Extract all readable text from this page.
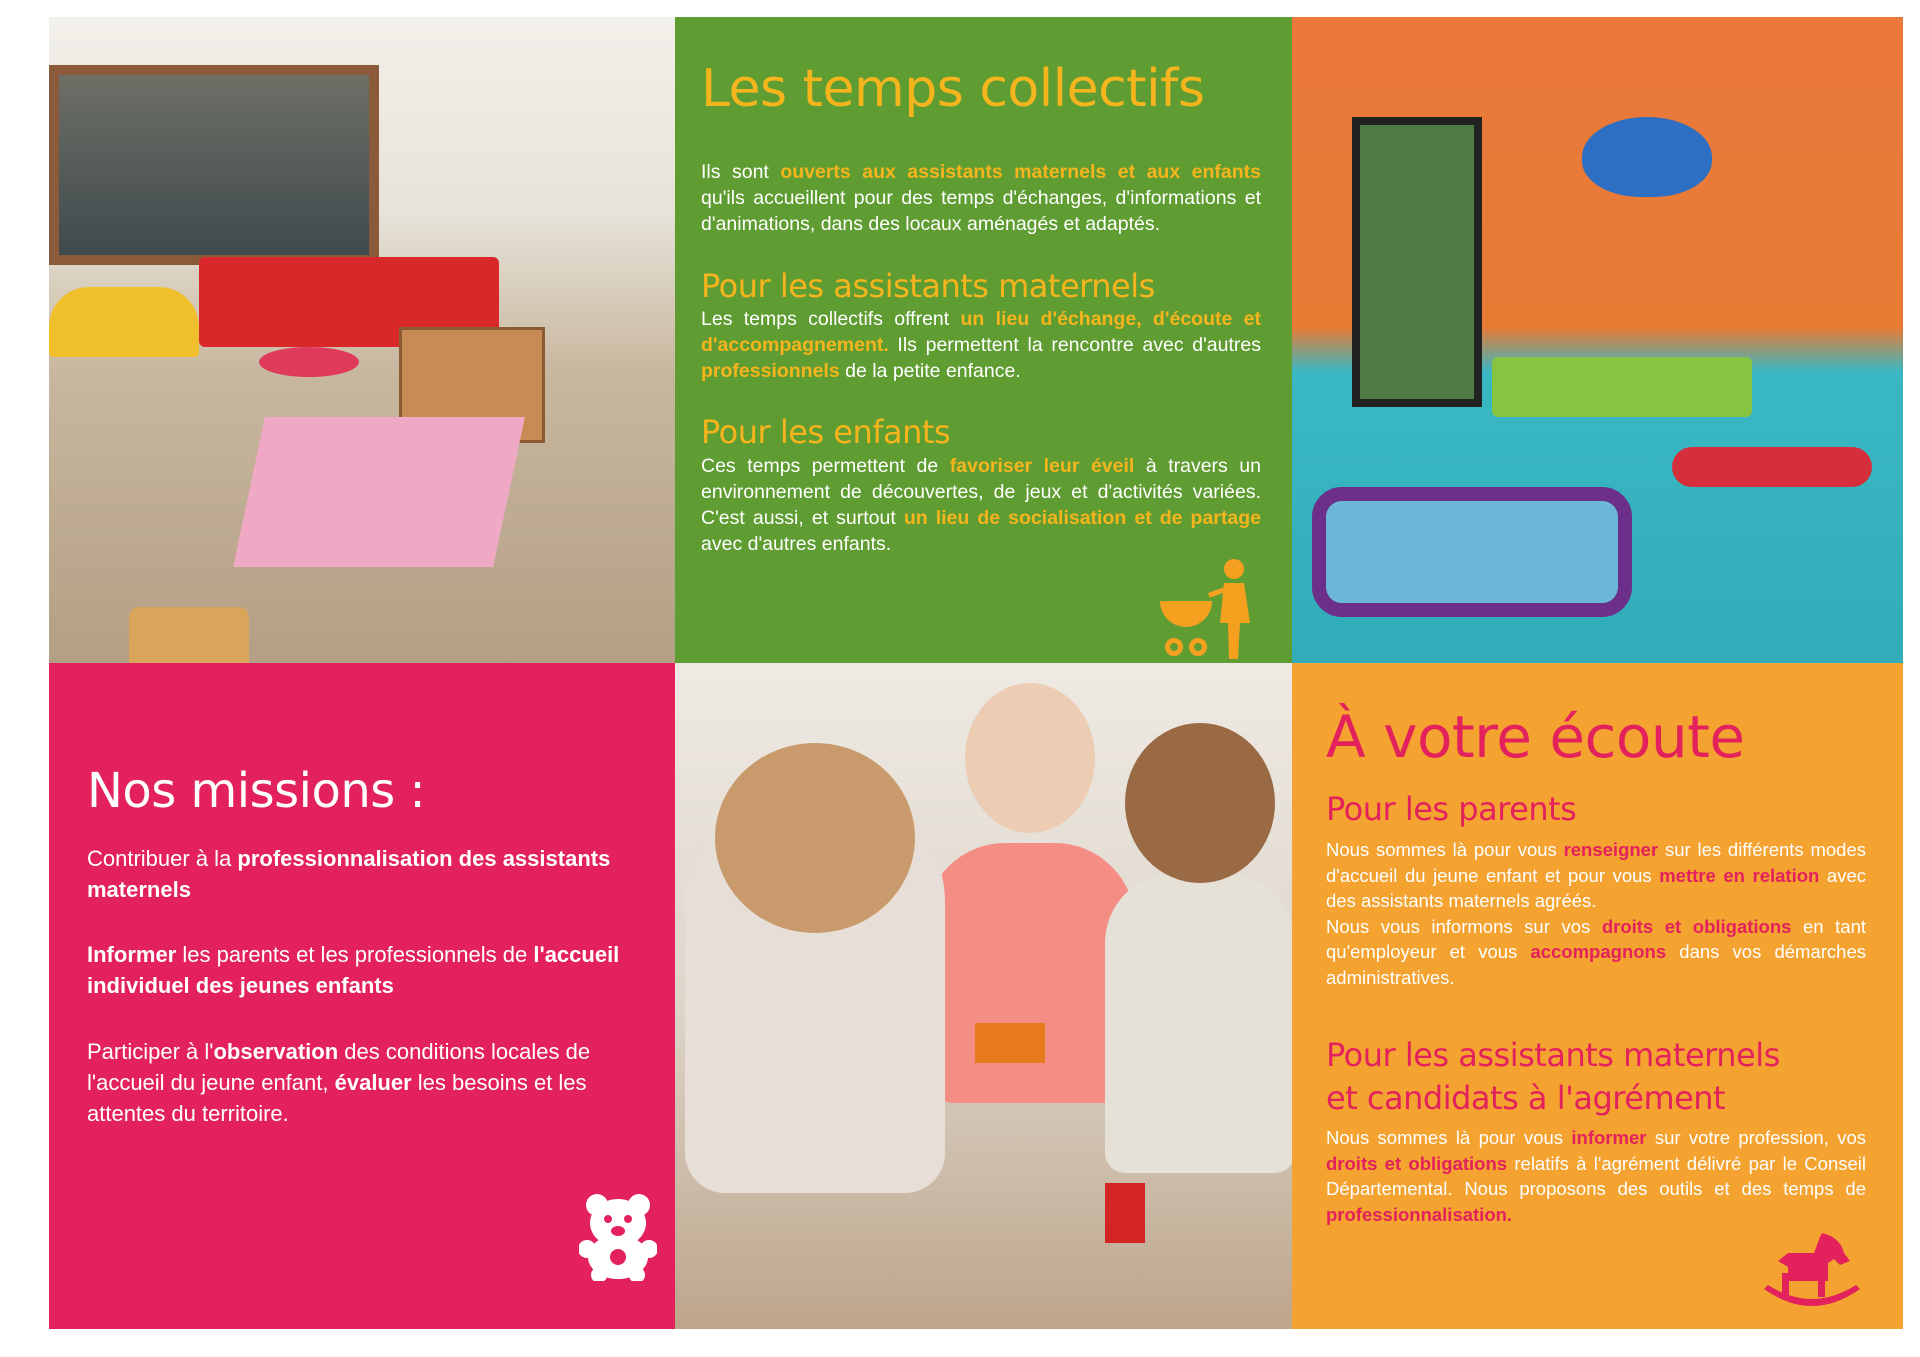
Les temps collectifs

Ils sont ouverts aux assistants maternels et aux enfants qu'ils accueillent pour des temps d'échanges, d'informations et d'animations, dans des locaux aménagés et adaptés.

Pour les assistants maternels

Les temps collectifs offrent un lieu d'échange, d'écoute et d'accompagnement. Ils permettent la rencontre avec d'autres professionnels de la petite enfance.

Pour les enfants

Ces temps permettent de favoriser leur éveil à travers un environnement de découvertes, de jeux et d'activités variées. C'est aussi, et surtout un lieu de socialisation et de partage avec d'autres enfants.

Nos missions :

Contribuer à la professionnalisation des assistants maternels

Informer les parents et les professionnels de l'accueil individuel des jeunes enfants

Participer à l'observation des conditions locales de l'accueil du jeune enfant, évaluer les besoins et les attentes du territoire.

À votre écoute
Pour les parents

Nous sommes là pour vous renseigner sur les différents modes d'accueil du jeune enfant et pour vous mettre en relation avec des assistants maternels agréés.
Nous vous informons sur vos droits et obligations en tant qu'employeur et vous accompagnons dans vos démarches administratives.

Pour les assistants maternels
et candidats à l'agrément

Nous sommes là pour vous informer sur votre profession, vos droits et obligations relatifs à l'agrément délivré par le Conseil Départemental. Nous proposons des outils et des temps de professionnalisation.
